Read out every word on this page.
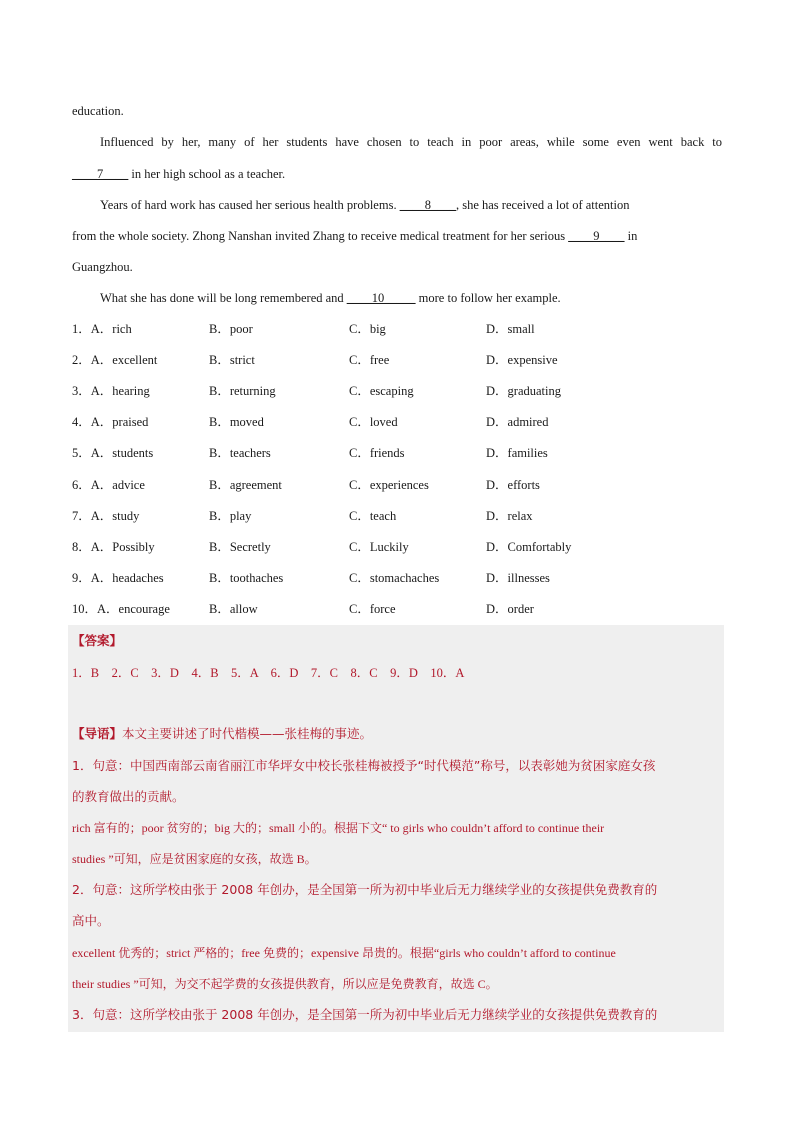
education.
Influenced by her, many of her students have chosen to teach in poor areas, while some even went back to
____7____ in her high school as a teacher.
Years of hard work has caused her serious health problems. ____8____, she has received a lot of attention
from the whole society. Zhong Nanshan invited Zhang to receive medical treatment for her serious ____9____ in
Guangzhou.
What she has done will be long remembered and ____10_____ more to follow her example.
1．A．rich	B．poor	C．big	D．small
2．A．excellent	B．strict	C．free	D．expensive
3．A．hearing	B．returning	C．escaping	D．graduating
4．A．praised	B．moved	C．loved	D．admired
5．A．students	B．teachers	C．friends	D．families
6．A．advice	B．agreement	C．experiences	D．efforts
7．A．study	B．play	C．teach	D．relax
8．A．Possibly	B．Secretly	C．Luckily	D．Comfortably
9．A．headaches	B．toothaches	C．stomachaches	D．illnesses
10．A．encourage	B．allow	C．force	D．order
【答案】
1．B　2．C　3．D　4．B　5．A　6．D　7．C　8．C　9．D　10．A
【导语】本文主要讲述了时代楷模——张桂梅的事迹。
1．句意：中国西南部云南省丽江市华坪女中校长张桂梅被授予“时代模范”称号，以表彰她为贫困家庭女孩
的教育做出的贡献。
rich 富有的；poor 贫穷的；big 大的；small 小的。根据下文“ to girls who couldn’t afford to continue their
studies ”可知，应是贫困家庭的女孩，故选 B。
2．句意：这所学校由张于 2008 年创办，是全国第一所为初中毕业后无力继续学业的女孩提供免费教育的
高中。
excellent 优秀的；strict 严格的；free 免费的；expensive 昂贵的。根据“girls who couldn’t afford to continue
their studies ”可知，为交不起学费的女孩提供教育，所以应是免费教育，故选 C。
3．句意：这所学校由张于 2008 年创办，是全国第一所为初中毕业后无力继续学业的女孩提供免费教育的
